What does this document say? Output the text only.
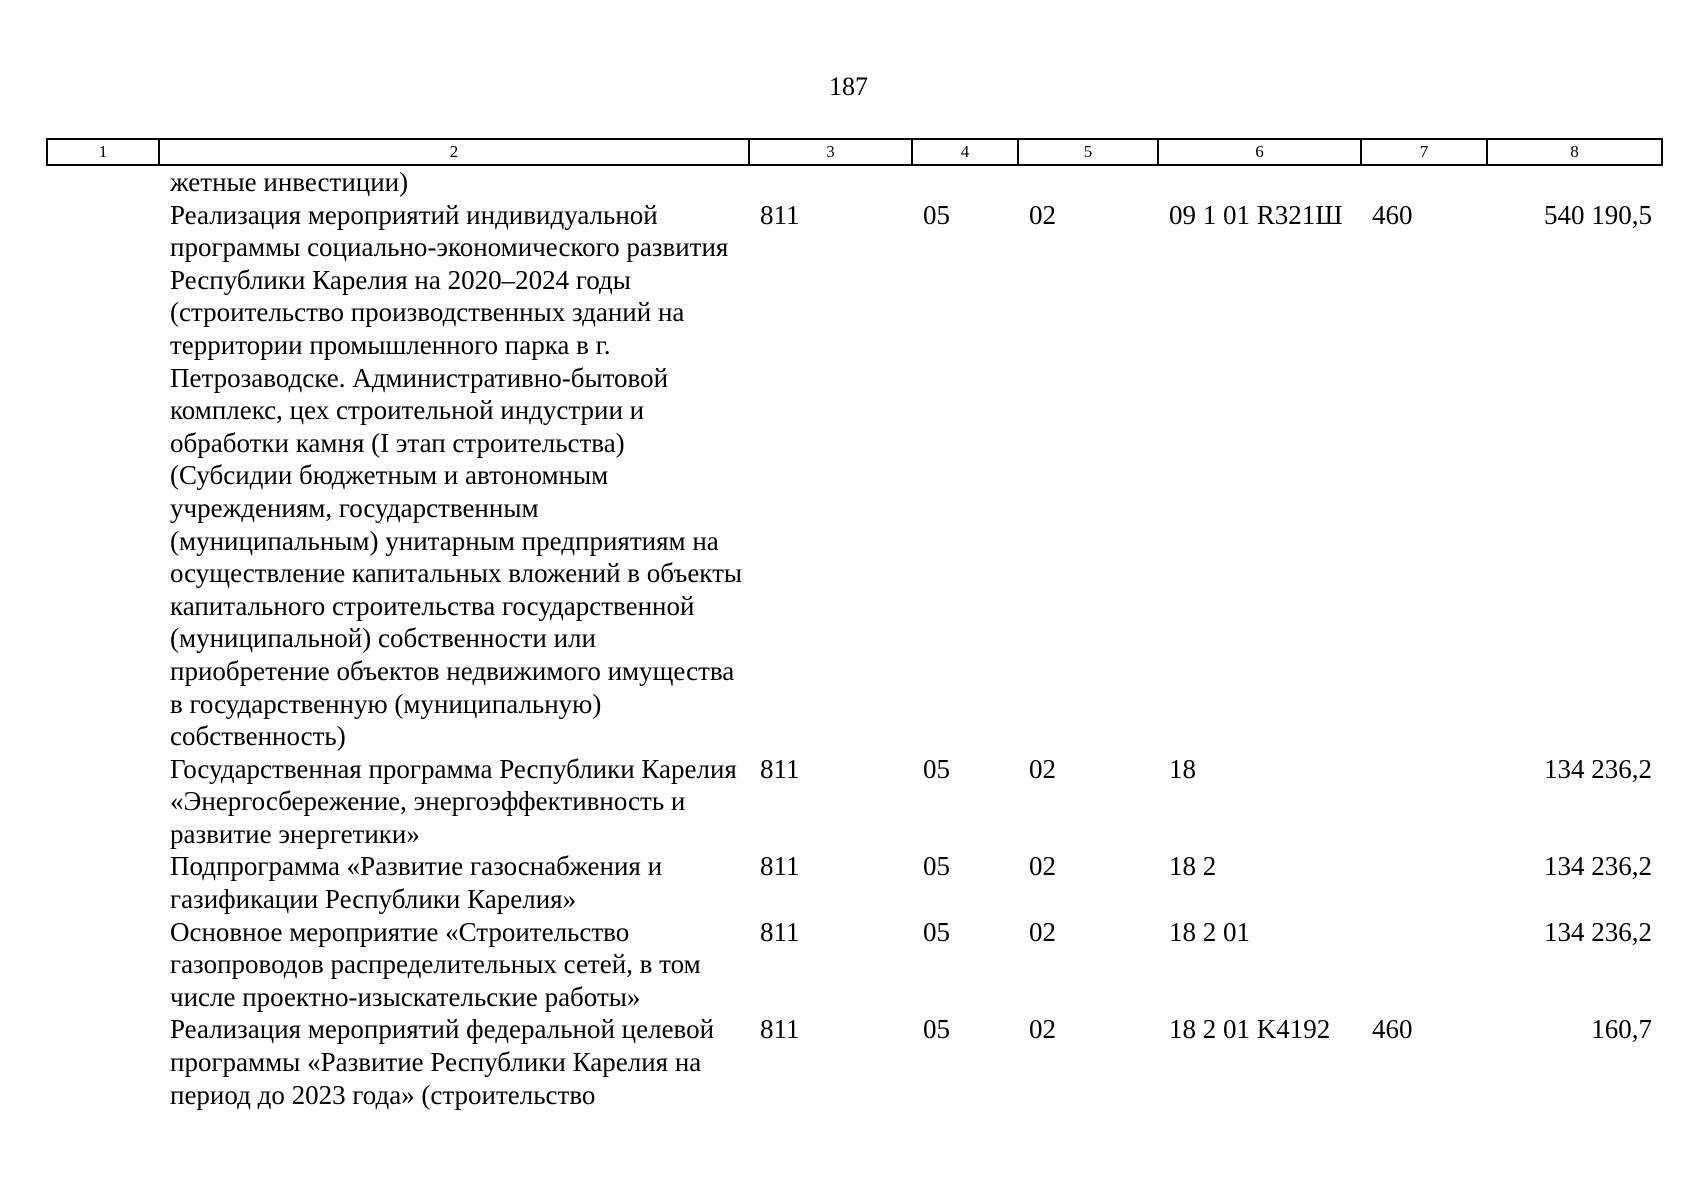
187
1	2	3	4	5	6	7	8
	жетные инвестиции)						
	Реализация мероприятий индивидуальной программы социально-экономического развития Республики Карелия на 2020–2024 годы (строительство производственных зданий на территории промышленного парка в г. Петрозаводске. Административно-бытовой комплекс, цех строительной индустрии и обработки камня (I этап строительства) (Субсидии бюджетным и автономным учреждениям, государственным (муниципальным) унитарным предприятиям на осуществление капитальных вложений в объекты капитального строительства государственной (муниципальной) собственности или приобретение объектов недвижимого имущества в государственную (муниципальную) собственность)	811	05	02	09 1 01 R321Ш	460	540 190,5
	Государственная программа Республики Карелия «Энергосбережение, энергоэффективность и развитие энергетики»	811	05	02	18		134 236,2
	Подпрограмма «Развитие газоснабжения и газификации Республики Карелия»	811	05	02	18 2		134 236,2
	Основное мероприятие «Строительство газопроводов распределительных сетей, в том числе проектно-изыскательские работы»	811	05	02	18 2 01		134 236,2
	Реализация мероприятий федеральной целевой программы «Развитие Республики Карелия на период до 2023 года» (строительство	811	05	02	18 2 01 K4192	460	160,7
